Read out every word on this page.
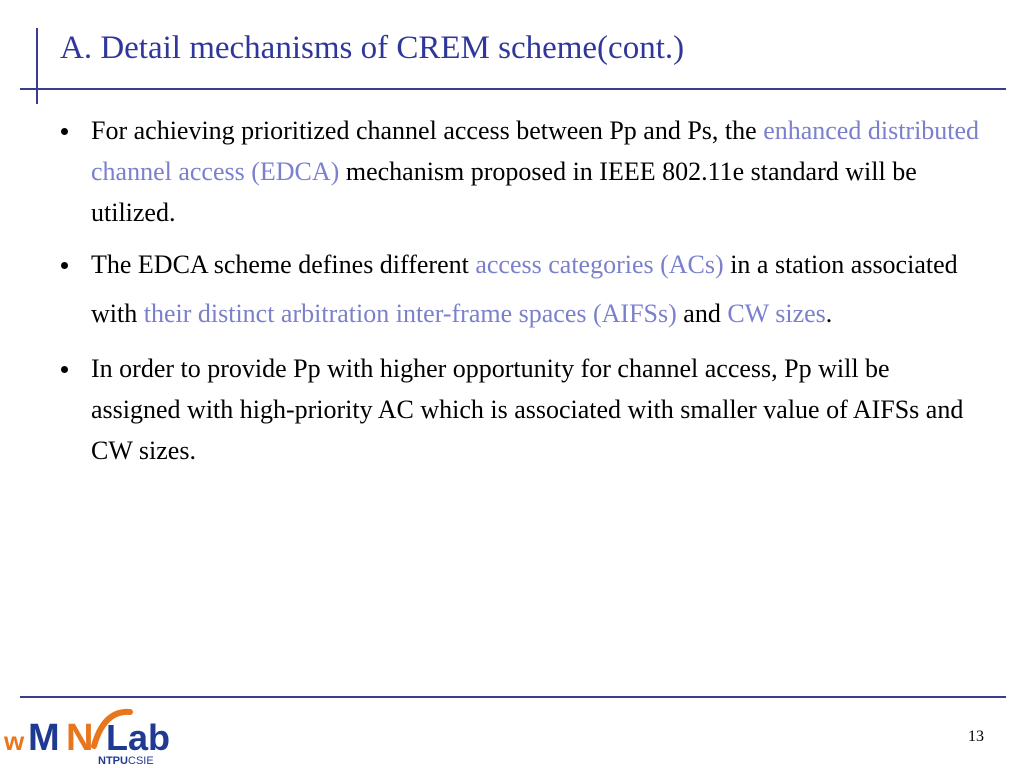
A. Detail mechanisms of CREM scheme(cont.)
For achieving prioritized channel access between Pp and Ps, the enhanced distributed channel access (EDCA) mechanism proposed in IEEE 802.11e standard will be utilized.
The EDCA scheme defines different access categories (ACs) in a station associated with their distinct arbitration inter-frame spaces (AIFSs) and CW sizes.
In order to provide Pp with higher opportunity for channel access, Pp will be assigned with high-priority AC which is associated with smaller value of AIFSs and CW sizes.
w M N Lab
NTPU CSIE
13
